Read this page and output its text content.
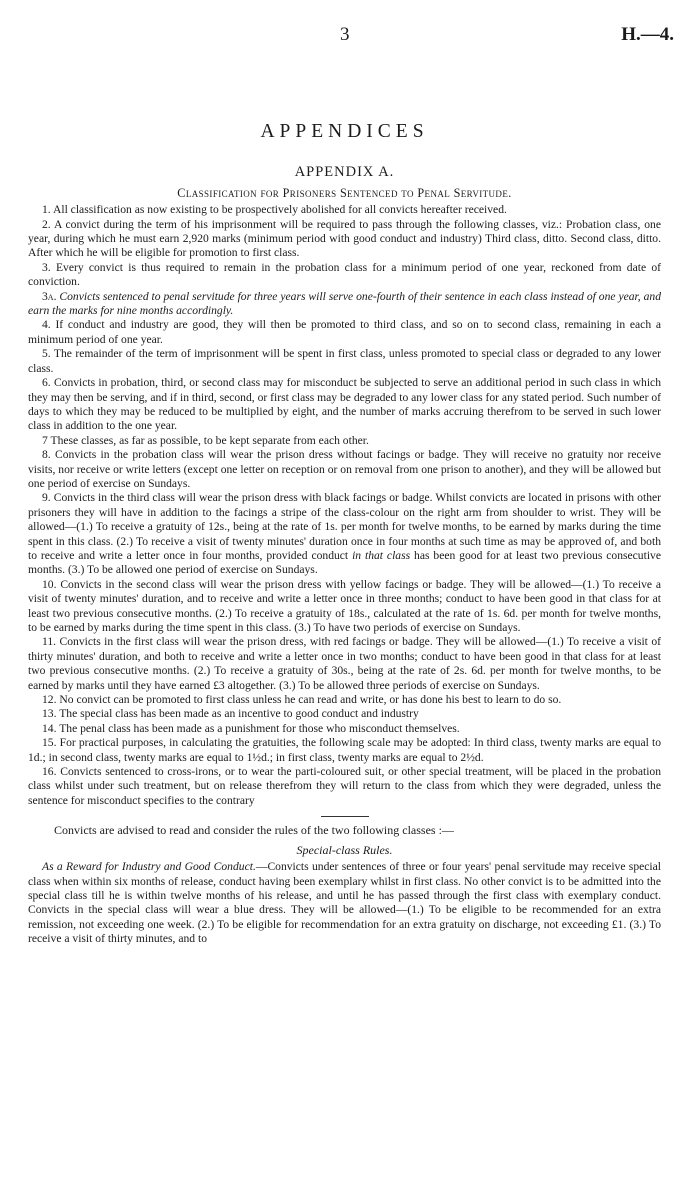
3	H.—4.
APPENDICES
APPENDIX A.
Classification for Prisoners Sentenced to Penal Servitude.

1. All classification as now existing to be prospectively abolished for all convicts hereafter received.

2. A convict during the term of his imprisonment will be required to pass through the following classes, viz.: Probation class, one year, during which he must earn 2,920 marks (minimum period with good conduct and industry) Third class, ditto. Second class, ditto. After which he will be eligible for promotion to first class.

3. Every convict is thus required to remain in the probation class for a minimum period of one year, reckoned from date of conviction.

3a. Convicts sentenced to penal servitude for three years will serve one-fourth of their sentence in each class instead of one year, and earn the marks for nine months accordingly.

4. If conduct and industry are good, they will then be promoted to third class, and so on to second class, remaining in each a minimum period of one year.

5. The remainder of the term of imprisonment will be spent in first class, unless promoted to special class or degraded to any lower class.

6. Convicts in probation, third, or second class may for misconduct be subjected to serve an additional period in such class in which they may then be serving, and if in third, second, or first class may be degraded to any lower class for any stated period. Such number of days to which they may be reduced to be multiplied by eight, and the number of marks accruing therefrom to be served in such lower class in addition to the one year.

7 These classes, as far as possible, to be kept separate from each other.

8. Convicts in the probation class will wear the prison dress without facings or badge. They will receive no gratuity nor receive visits, nor receive or write letters (except one letter on reception or on removal from one prison to another), and they will be allowed but one period of exercise on Sundays.

9. Convicts in the third class will wear the prison dress with black facings or badge. Whilst convicts are located in prisons with other prisoners they will have in addition to the facings a stripe of the class-colour on the right arm from shoulder to wrist. They will be allowed—(1.) To receive a gratuity of 12s., being at the rate of 1s. per month for twelve months, to be earned by marks during the time spent in this class. (2.) To receive a visit of twenty minutes' duration once in four months at such time as may be approved of, and both to receive and write a letter once in four months, provided conduct in that class has been good for at least two previous consecutive months. (3.) To be allowed one period of exercise on Sundays.

10. Convicts in the second class will wear the prison dress with yellow facings or badge. They will be allowed—(1.) To receive a visit of twenty minutes' duration, and to receive and write a letter once in three months; conduct to have been good in that class for at least two previous consecutive months. (2.) To receive a gratuity of 18s., calculated at the rate of 1s. 6d. per month for twelve months, to be earned by marks during the time spent in this class. (3.) To have two periods of exercise on Sundays.

11. Convicts in the first class will wear the prison dress, with red facings or badge. They will be allowed—(1.) To receive a visit of thirty minutes' duration, and both to receive and write a letter once in two months; conduct to have been good in that class for at least two previous consecutive months. (2.) To receive a gratuity of 30s., being at the rate of 2s. 6d. per month for twelve months, to be earned by marks until they have earned £3 altogether. (3.) To be allowed three periods of exercise on Sundays.

12. No convict can be promoted to first class unless he can read and write, or has done his best to learn to do so.

13. The special class has been made as an incentive to good conduct and industry

14. The penal class has been made as a punishment for those who misconduct themselves.

15. For practical purposes, in calculating the gratuities, the following scale may be adopted: In third class, twenty marks are equal to 1d.; in second class, twenty marks are equal to 1½d.; in first class, twenty marks are equal to 2½d.

16. Convicts sentenced to cross-irons, or to wear the parti-coloured suit, or other special treatment, will be placed in the probation class whilst under such treatment, but on release therefrom they will return to the class from which they were degraded, unless the sentence for misconduct specifies to the contrary

Convicts are advised to read and consider the rules of the two following classes :—

Special-class Rules.

As a Reward for Industry and Good Conduct.—Convicts under sentences of three or four years' penal servitude may receive special class when within six months of release, conduct having been exemplary whilst in first class. No other convict is to be admitted into the special class till he is within twelve months of his release, and until he has passed through the first class with exemplary conduct. Convicts in the special class will wear a blue dress. They will be allowed—(1.) To be eligible to be recommended for an extra remission, not exceeding one week. (2.) To be eligible for recommendation for an extra gratuity on discharge, not exceeding £1. (3.) To receive a visit of thirty minutes, and to
